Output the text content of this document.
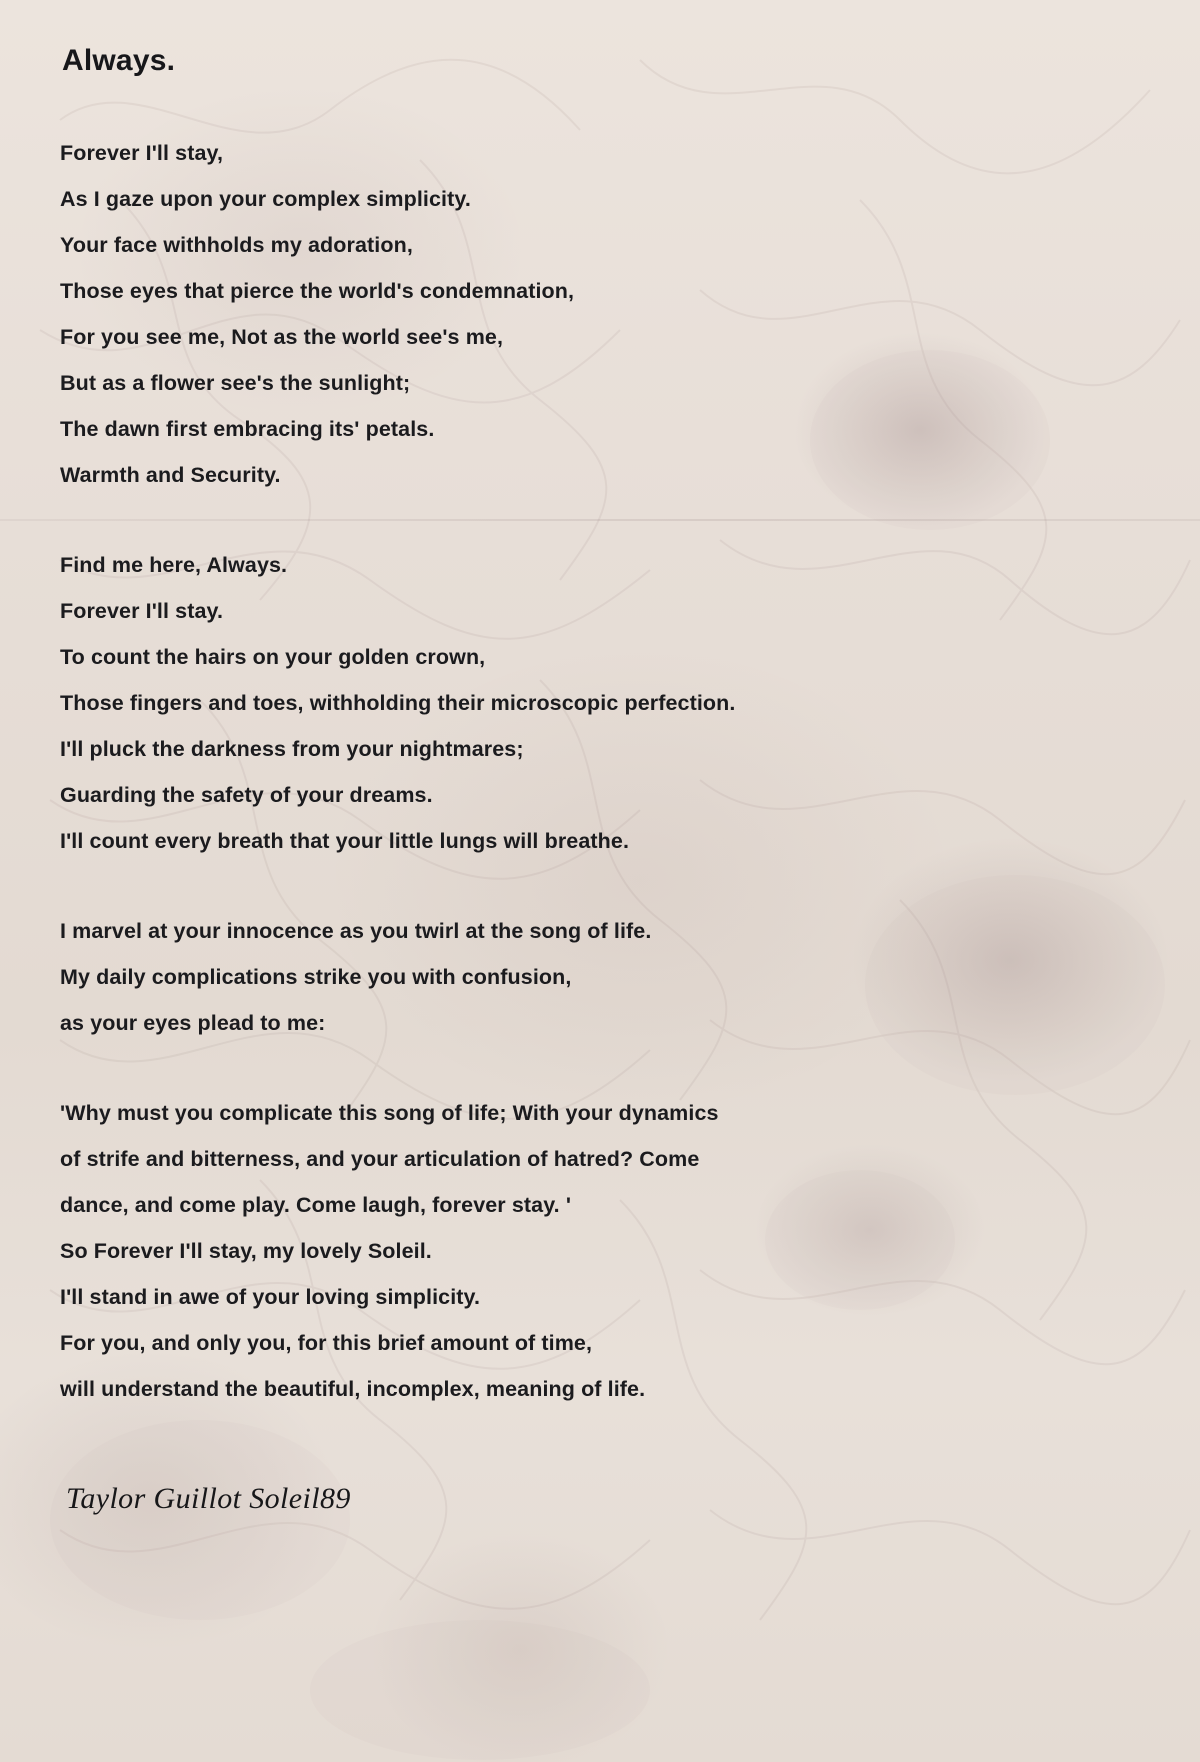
Always.
Forever I'll stay,
As I gaze upon your complex simplicity.
Your face withholds my adoration,
Those eyes that pierce the world's condemnation,
For you see me, Not as the world see's me,
But as a flower see's the sunlight;
The dawn first embracing its' petals.
Warmth and Security.
Find me here, Always.
Forever I'll stay.
To count the hairs on your golden crown,
Those fingers and toes, withholding their microscopic perfection.
I'll pluck the darkness from your nightmares;
Guarding the safety of your dreams.
I'll count every breath that your little lungs will breathe.
I marvel at your innocence as you twirl at the song of life.
My daily complications strike you with confusion,
as your eyes plead to me:
'Why must you complicate this song of life; With your dynamics
of strife and bitterness, and your articulation of hatred? Come
dance, and come play. Come laugh, forever stay. '
So Forever I'll stay, my lovely Soleil.
I'll stand in awe of your loving simplicity.
For you, and only you, for this brief amount of time,
will understand the beautiful, incomplex, meaning of life.
Taylor Guillot Soleil89
